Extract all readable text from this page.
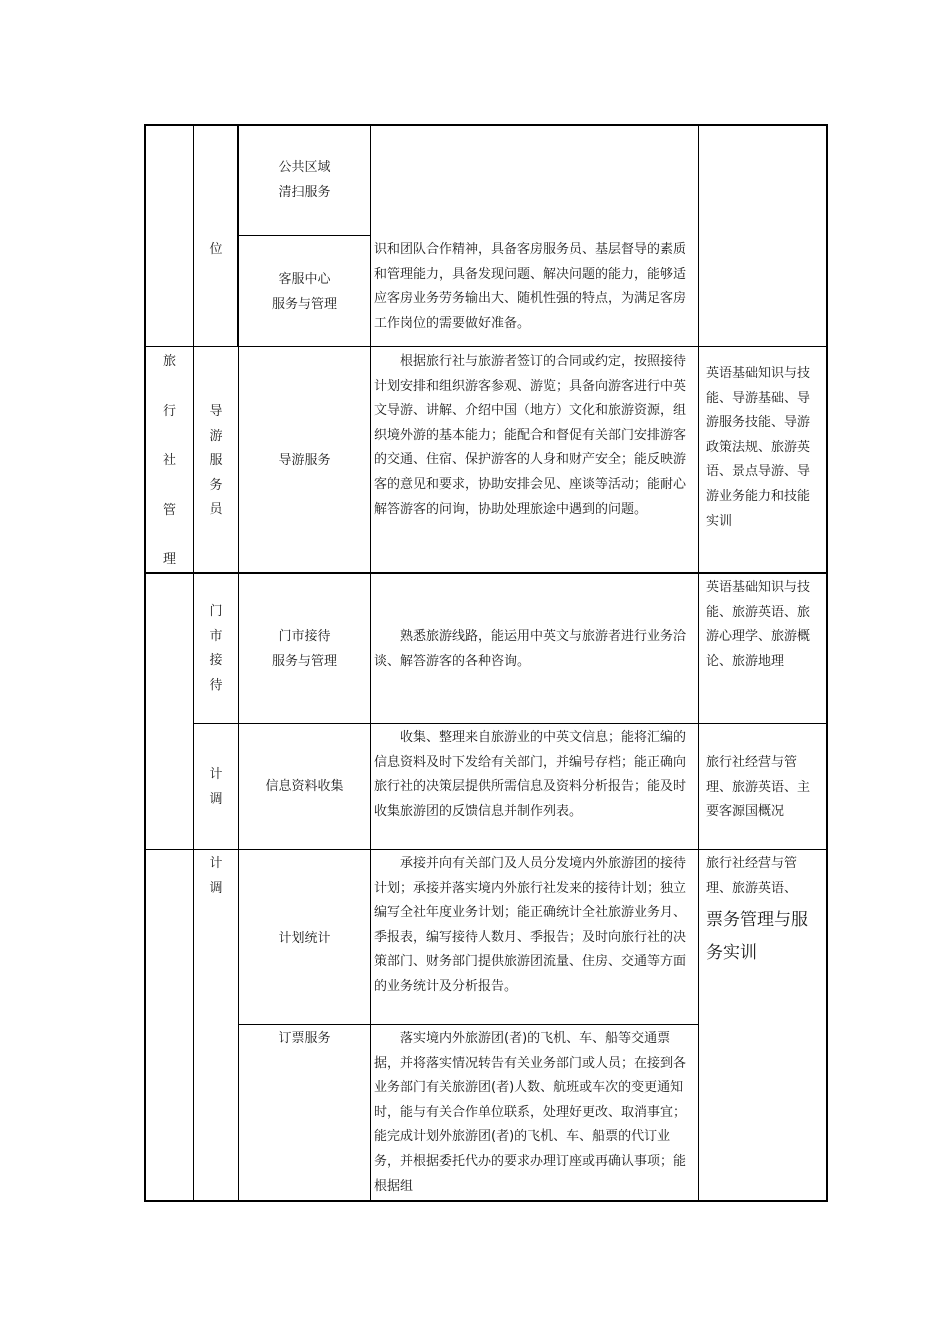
位
公共区域
清扫服务
客服中心
服务与管理
识和团队合作精神，具备客房服务员、基层督导的素质和管理能力，具备发现问题、解决问题的能力，能够适应客房业务劳务输出大、随机性强的特点，为满足客房工作岗位的需要做好准备。
旅
行
社
管
理
导
游
服
务
员
导游服务
根据旅行社与旅游者签订的合同或约定，按照接待计划安排和组织游客参观、游览；具备向游客进行中英文导游、讲解、介绍中国（地方）文化和旅游资源，组织境外游的基本能力；能配合和督促有关部门安排游客的交通、住宿、保护游客的人身和财产安全；能反映游客的意见和要求，协助安排会见、座谈等活动；能耐心解答游客的问询，协助处理旅途中遇到的问题。
英语基础知识与技能、导游基础、导游服务技能、导游政策法规、旅游英语、景点导游、导游业务能力和技能实训
门
市
接
待
门市接待
服务与管理
熟悉旅游线路，能运用中英文与旅游者进行业务洽谈、解答游客的各种咨询。
英语基础知识与技能、旅游英语、旅游心理学、旅游概论、旅游地理
计
调
信息资料收集
收集、整理来自旅游业的中英文信息；能将汇编的信息资料及时下发给有关部门，并编号存档；能正确向旅行社的决策层提供所需信息及资料分析报告；能及时收集旅游团的反馈信息并制作列表。
旅行社经营与管理、旅游英语、主要客源国概况
计
调
计划统计
承接并向有关部门及人员分发境内外旅游团的接待计划；承接并落实境内外旅行社发来的接待计划；独立编写全社年度业务计划；能正确统计全社旅游业务月、季报表，编写接待人数月、季报告；及时向旅行社的决策部门、财务部门提供旅游团流量、住房、交通等方面的业务统计及分析报告。
旅行社经营与管理、旅游英语、
票务管理与服务实训
订票服务	落实境内外旅游团(者)的飞机、车、船等交通票据，并将落实情况转告有关业务部门或人员；在接到各业务部门有关旅游团(者)人数、航班或车次的变更通知时，能与有关合作单位联系，处理好更改、取消事宜；能完成计划外旅游团(者)的飞机、车、船票的代订业务，并根据委托代办的要求办理订座或再确认事项；能根据组
